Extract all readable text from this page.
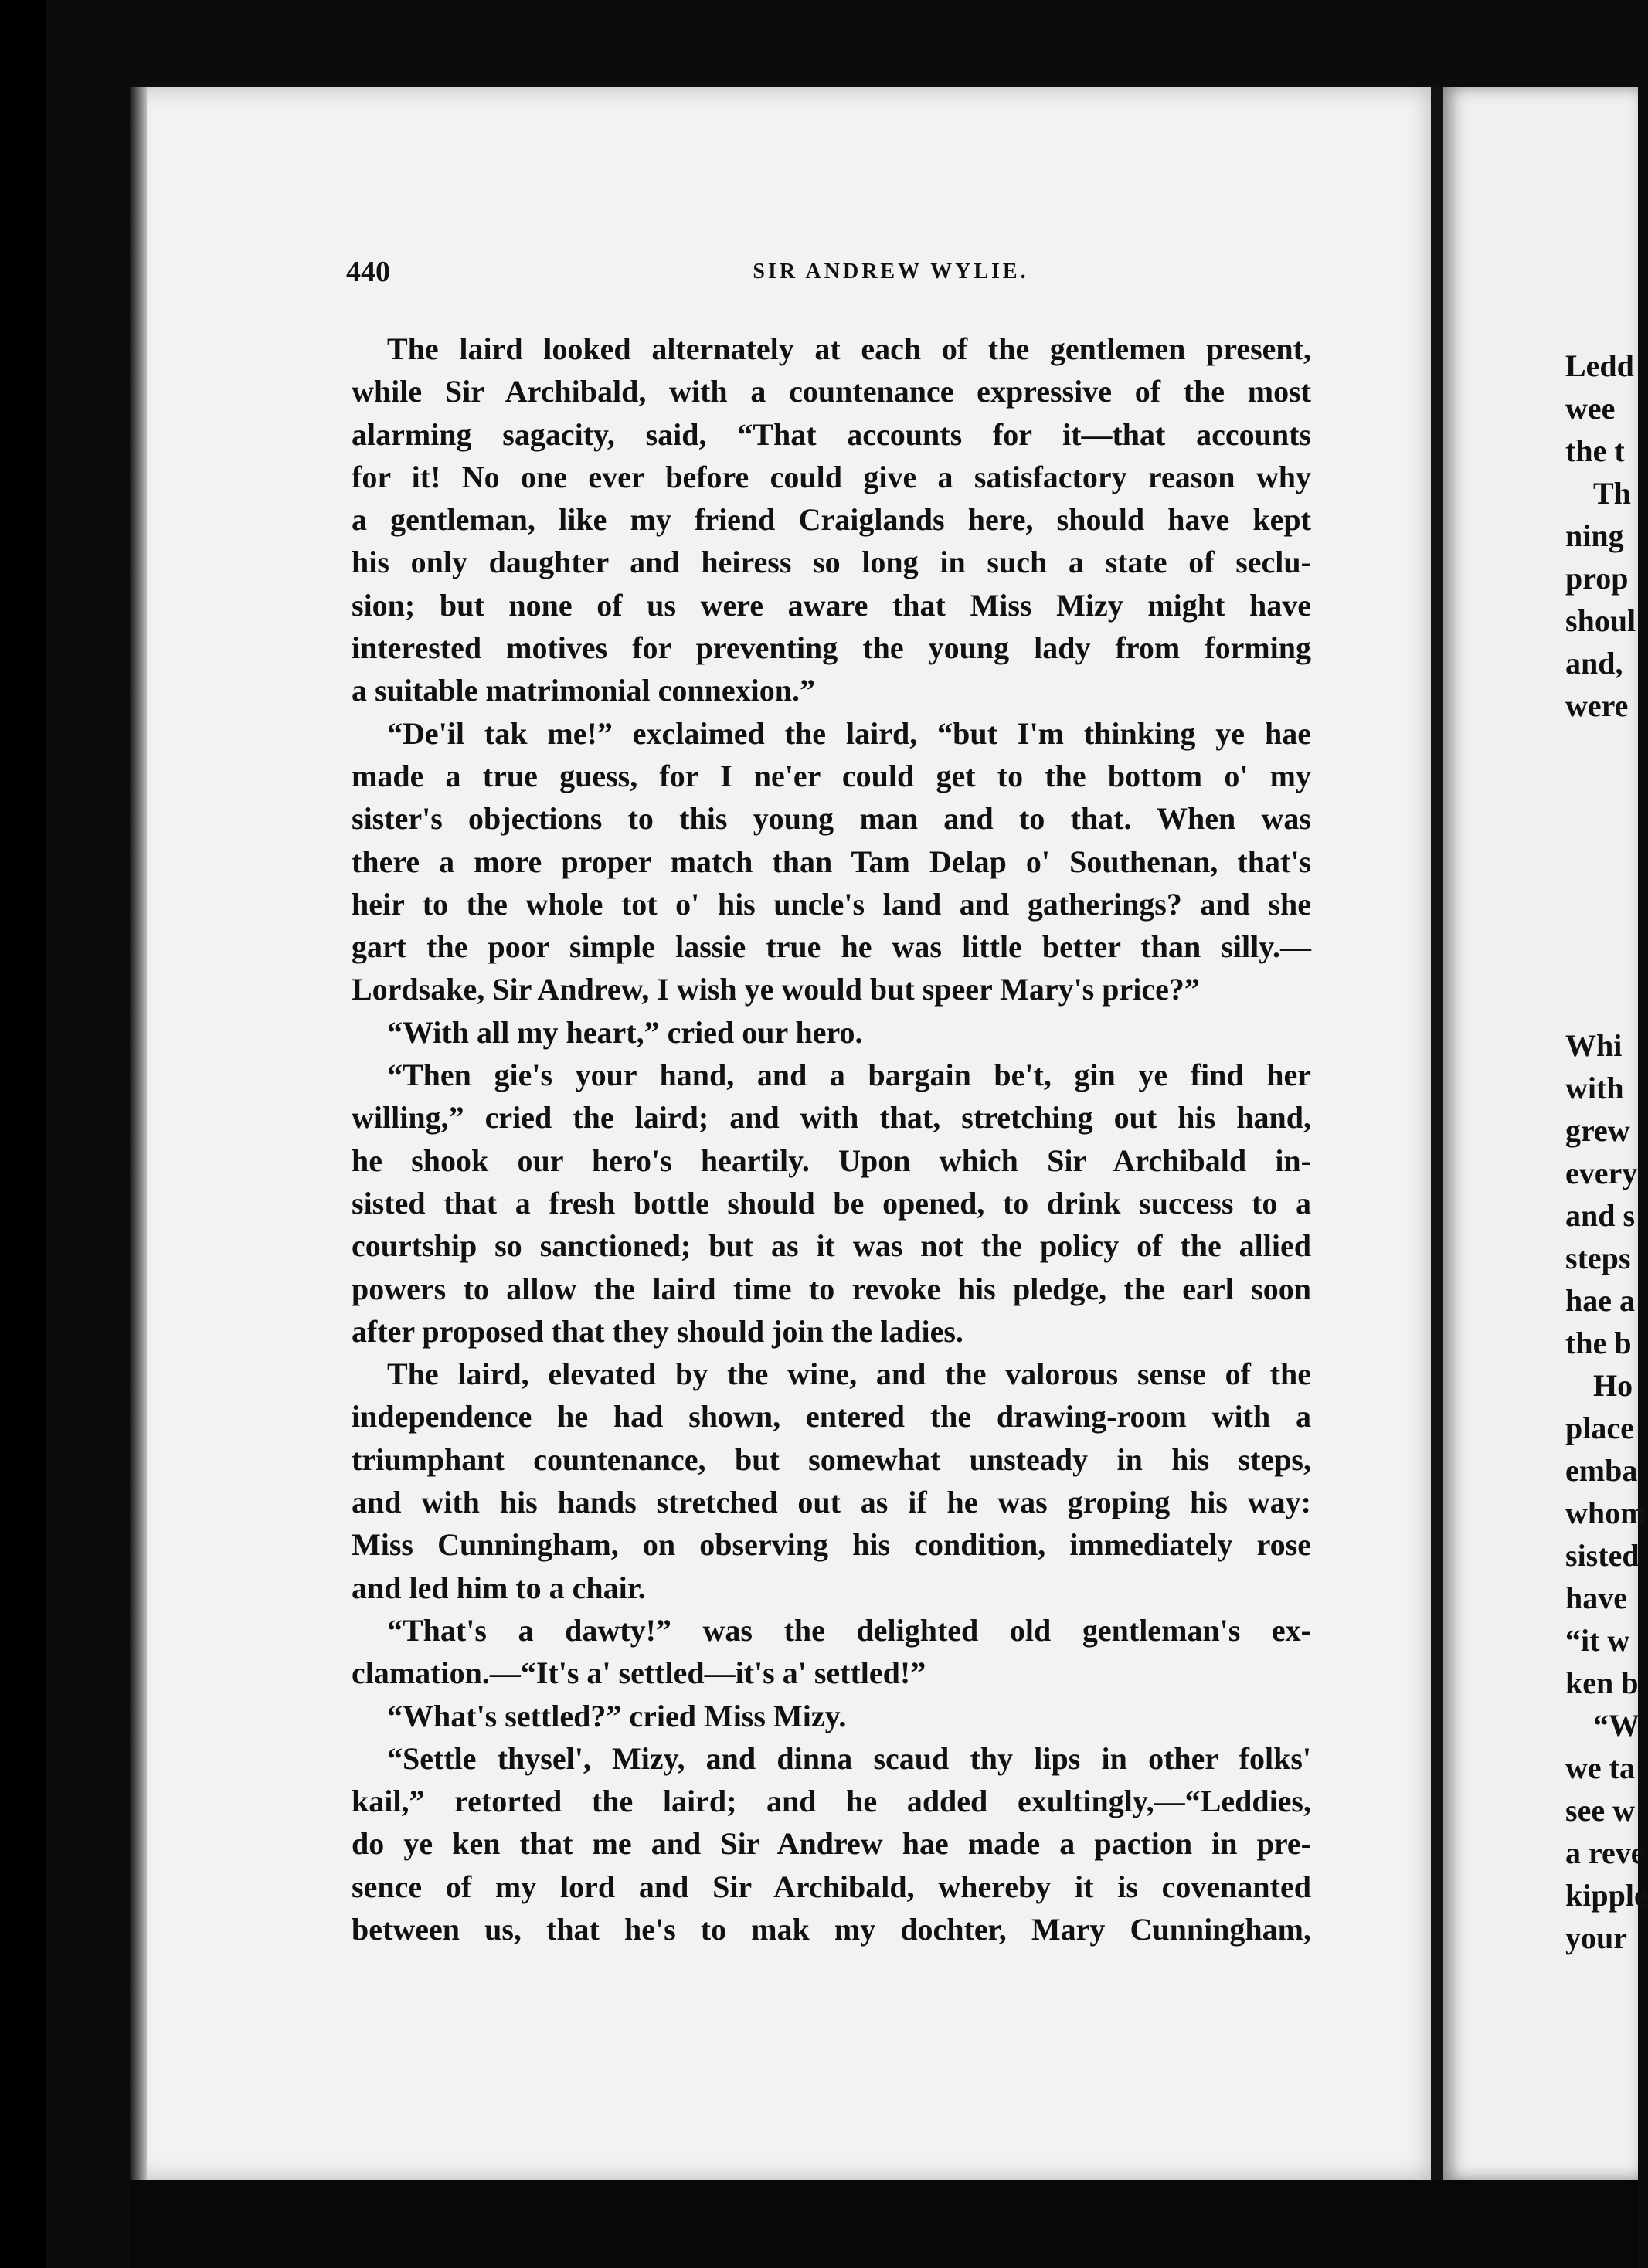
440	SIR ANDREW WYLIE.
The laird looked alternately at each of the gentlemen present,
while Sir Archibald, with a countenance expressive of the most
alarming sagacity, said, “That accounts for it—that accounts
for it! No one ever before could give a satisfactory reason why
a gentleman, like my friend Craiglands here, should have kept
his only daughter and heiress so long in such a state of seclu-
sion; but none of us were aware that Miss Mizy might have
interested motives for preventing the young lady from forming
a suitable matrimonial connexion.”
“De'il tak me!” exclaimed the laird, “but I'm thinking ye hae
made a true guess, for I ne'er could get to the bottom o' my
sister's objections to this young man and to that. When was
there a more proper match than Tam Delap o' Southenan, that's
heir to the whole tot o' his uncle's land and gatherings? and she
gart the poor simple lassie true he was little better than silly.—
Lordsake, Sir Andrew, I wish ye would but speer Mary's price?”
“With all my heart,” cried our hero.
“Then gie's your hand, and a bargain be't, gin ye find her
willing,” cried the laird; and with that, stretching out his hand,
he shook our hero's heartily. Upon which Sir Archibald in-
sisted that a fresh bottle should be opened, to drink success to a
courtship so sanctioned; but as it was not the policy of the allied
powers to allow the laird time to revoke his pledge, the earl soon
after proposed that they should join the ladies.
The laird, elevated by the wine, and the valorous sense of the
independence he had shown, entered the drawing-room with a
triumphant countenance, but somewhat unsteady in his steps,
and with his hands stretched out as if he was groping his way:
Miss Cunningham, on observing his condition, immediately rose
and led him to a chair.
“That's a dawty!” was the delighted old gentleman's ex-
clamation.—“It's a' settled—it's a' settled!”
“What's settled?” cried Miss Mizy.
“Settle thysel', Mizy, and dinna scaud thy lips in other folks'
kail,” retorted the laird; and he added exultingly,—“Leddies,
do ye ken that me and Sir Andrew hae made a paction in pre-
sence of my lord and Sir Archibald, whereby it is covenanted
between us, that he's to mak my dochter, Mary Cunningham,
Ledd
wee
the t
Th
ning
prop
shoul
and,
were
Whi
with
grew
every
and s
steps
hae a
the b
Ho
place
emba
whom
sisted
have
“it w
ken b
“W
we ta
see w
a reve
kipple
your
